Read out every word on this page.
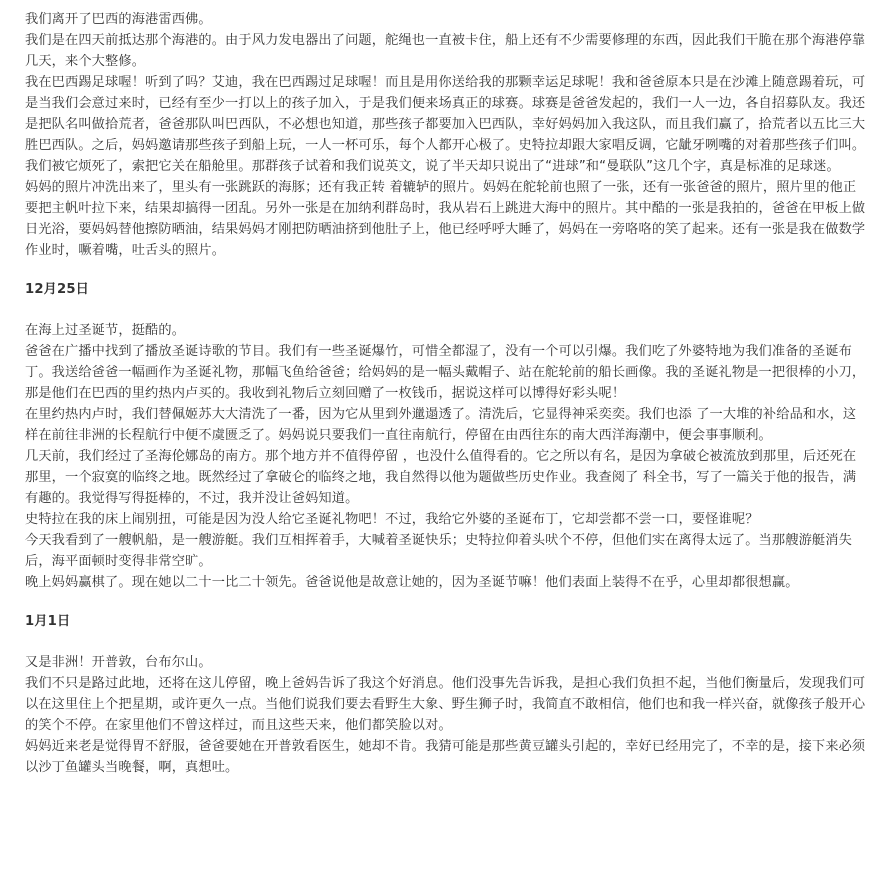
我们离开了巴西的海港雷西佛。

我们是在四天前抵达那个海港的。由于风力发电器出了问题，舵绳也一直被卡住，船上还有不少需要修理的东西，因此我们干脆在那个海港停靠几天，来个大整修。

我在巴西踢足球喔！听到了吗？艾迪，我在巴西踢过足球喔！而且是用你送给我的那颗幸运足球呢！我和爸爸原本只是在沙滩上随意踢着玩，可是当我们会意过来时，已经有至少一打以上的孩子加入，于是我们便来场真正的球赛。球赛是爸爸发起的，我们一人一边，各自招募队友。我还是把队名叫做拾荒者，爸爸那队叫巴西队，不必想也知道，那些孩子都要加入巴西队，幸好妈妈加入我这队，而且我们赢了，拾荒者以五比三大胜巴西队。之后，妈妈邀请那些孩子到船上玩，一人一杯可乐，每个人都开心极了。史特拉却跟大家唱反调，它龇牙咧嘴的对着那些孩子们叫。我们被它烦死了，索把它关在船舱里。那群孩子试着和我们说英文，说了半天却只说出了“进球”和“曼联队”这几个字，真是标准的足球迷。

妈妈的照片冲洗出来了，里头有一张跳跃的海豚；还有我正转 着辘轳的照片。妈妈在舵轮前也照了一张，还有一张爸爸的照片，照片里的他正要把主帆叶拉下来，结果却搞得一团乱。另外一张是在加纳利群岛时，我从岩石上跳进大海中的照片。其中酷的一张是我拍的，爸爸在甲板上做日光浴，要妈妈替他擦防晒油，结果妈妈才刚把防晒油挤到他肚子上，他已经呼呼大睡了，妈妈在一旁咯咯的笑了起来。还有一张是我在做数学作业时，噘着嘴，吐舌头的照片。

12月25日

在海上过圣诞节，挺酷的。

爸爸在广播中找到了播放圣诞诗歌的节目。我们有一些圣诞爆竹，可惜全都湿了，没有一个可以引爆。我们吃了外婆特地为我们准备的圣诞布丁。我送给爸爸一幅画作为圣诞礼物，那幅飞鱼给爸爸；给妈妈的是一幅头戴帽子、站在舵轮前的船长画像。我的圣诞礼物是一把很棒的小刀，那是他们在巴西的里约热内卢买的。我收到礼物后立刻回赠了一枚钱币，据说这样可以博得好彩头呢！

在里约热内卢时，我们替佩姬苏大大清洗了一番，因为它从里到外邋遢透了。清洗后，它显得神采奕奕。我们也添 了一大堆的补给品和水，这样在前往非洲的长程航行中便不虞匮乏了。妈妈说只要我们一直往南航行，停留在由西往东的南大西洋海潮中，便会事事顺利。

几天前，我们经过了圣海伦娜岛的南方。那个地方并不值得停留 ，也没什么值得看的。它之所以有名，是因为拿破仑被流放到那里，后还死在那里，一个寂寞的临终之地。既然经过了拿破仑的临终之地，我自然得以他为题做些历史作业。我查阅了 科全书，写了一篇关于他的报告，满有趣的。我觉得写得挺棒的，不过，我并没让爸妈知道。

史特拉在我的床上闹别扭，可能是因为没人给它圣诞礼物吧！不过，我给它外婆的圣诞布丁，它却尝都不尝一口，要怪谁呢？

今天我看到了一艘帆船，是一艘游艇。我们互相挥着手，大喊着圣诞快乐；史特拉仰着头吠个不停，但他们实在离得太远了。当那艘游艇消失后，海平面顿时变得非常空旷。

晚上妈妈赢棋了。现在她以二十一比二十领先。爸爸说他是故意让她的，因为圣诞节嘛！他们表面上装得不在乎，心里却都很想赢。

1月1日

又是非洲！开普敦，台布尔山。

我们不只是路过此地，还将在这儿停留，晚上爸妈告诉了我这个好消息。他们没事先告诉我，是担心我们负担不起，当他们衡量后，发现我们可以在这里住上个把星期，或许更久一点。当他们说我们要去看野生大象、野生狮子时，我简直不敢相信，他们也和我一样兴奋，就像孩子般开心的笑个不停。在家里他们不曾这样过，而且这些天来，他们都笑脸以对。

妈妈近来老是觉得胃不舒服，爸爸要她在开普敦看医生，她却不肯。我猜可能是那些黄豆罐头引起的，幸好已经用完了，不幸的是，接下来必须以沙丁鱼罐头当晚餐，啊，真想吐。
